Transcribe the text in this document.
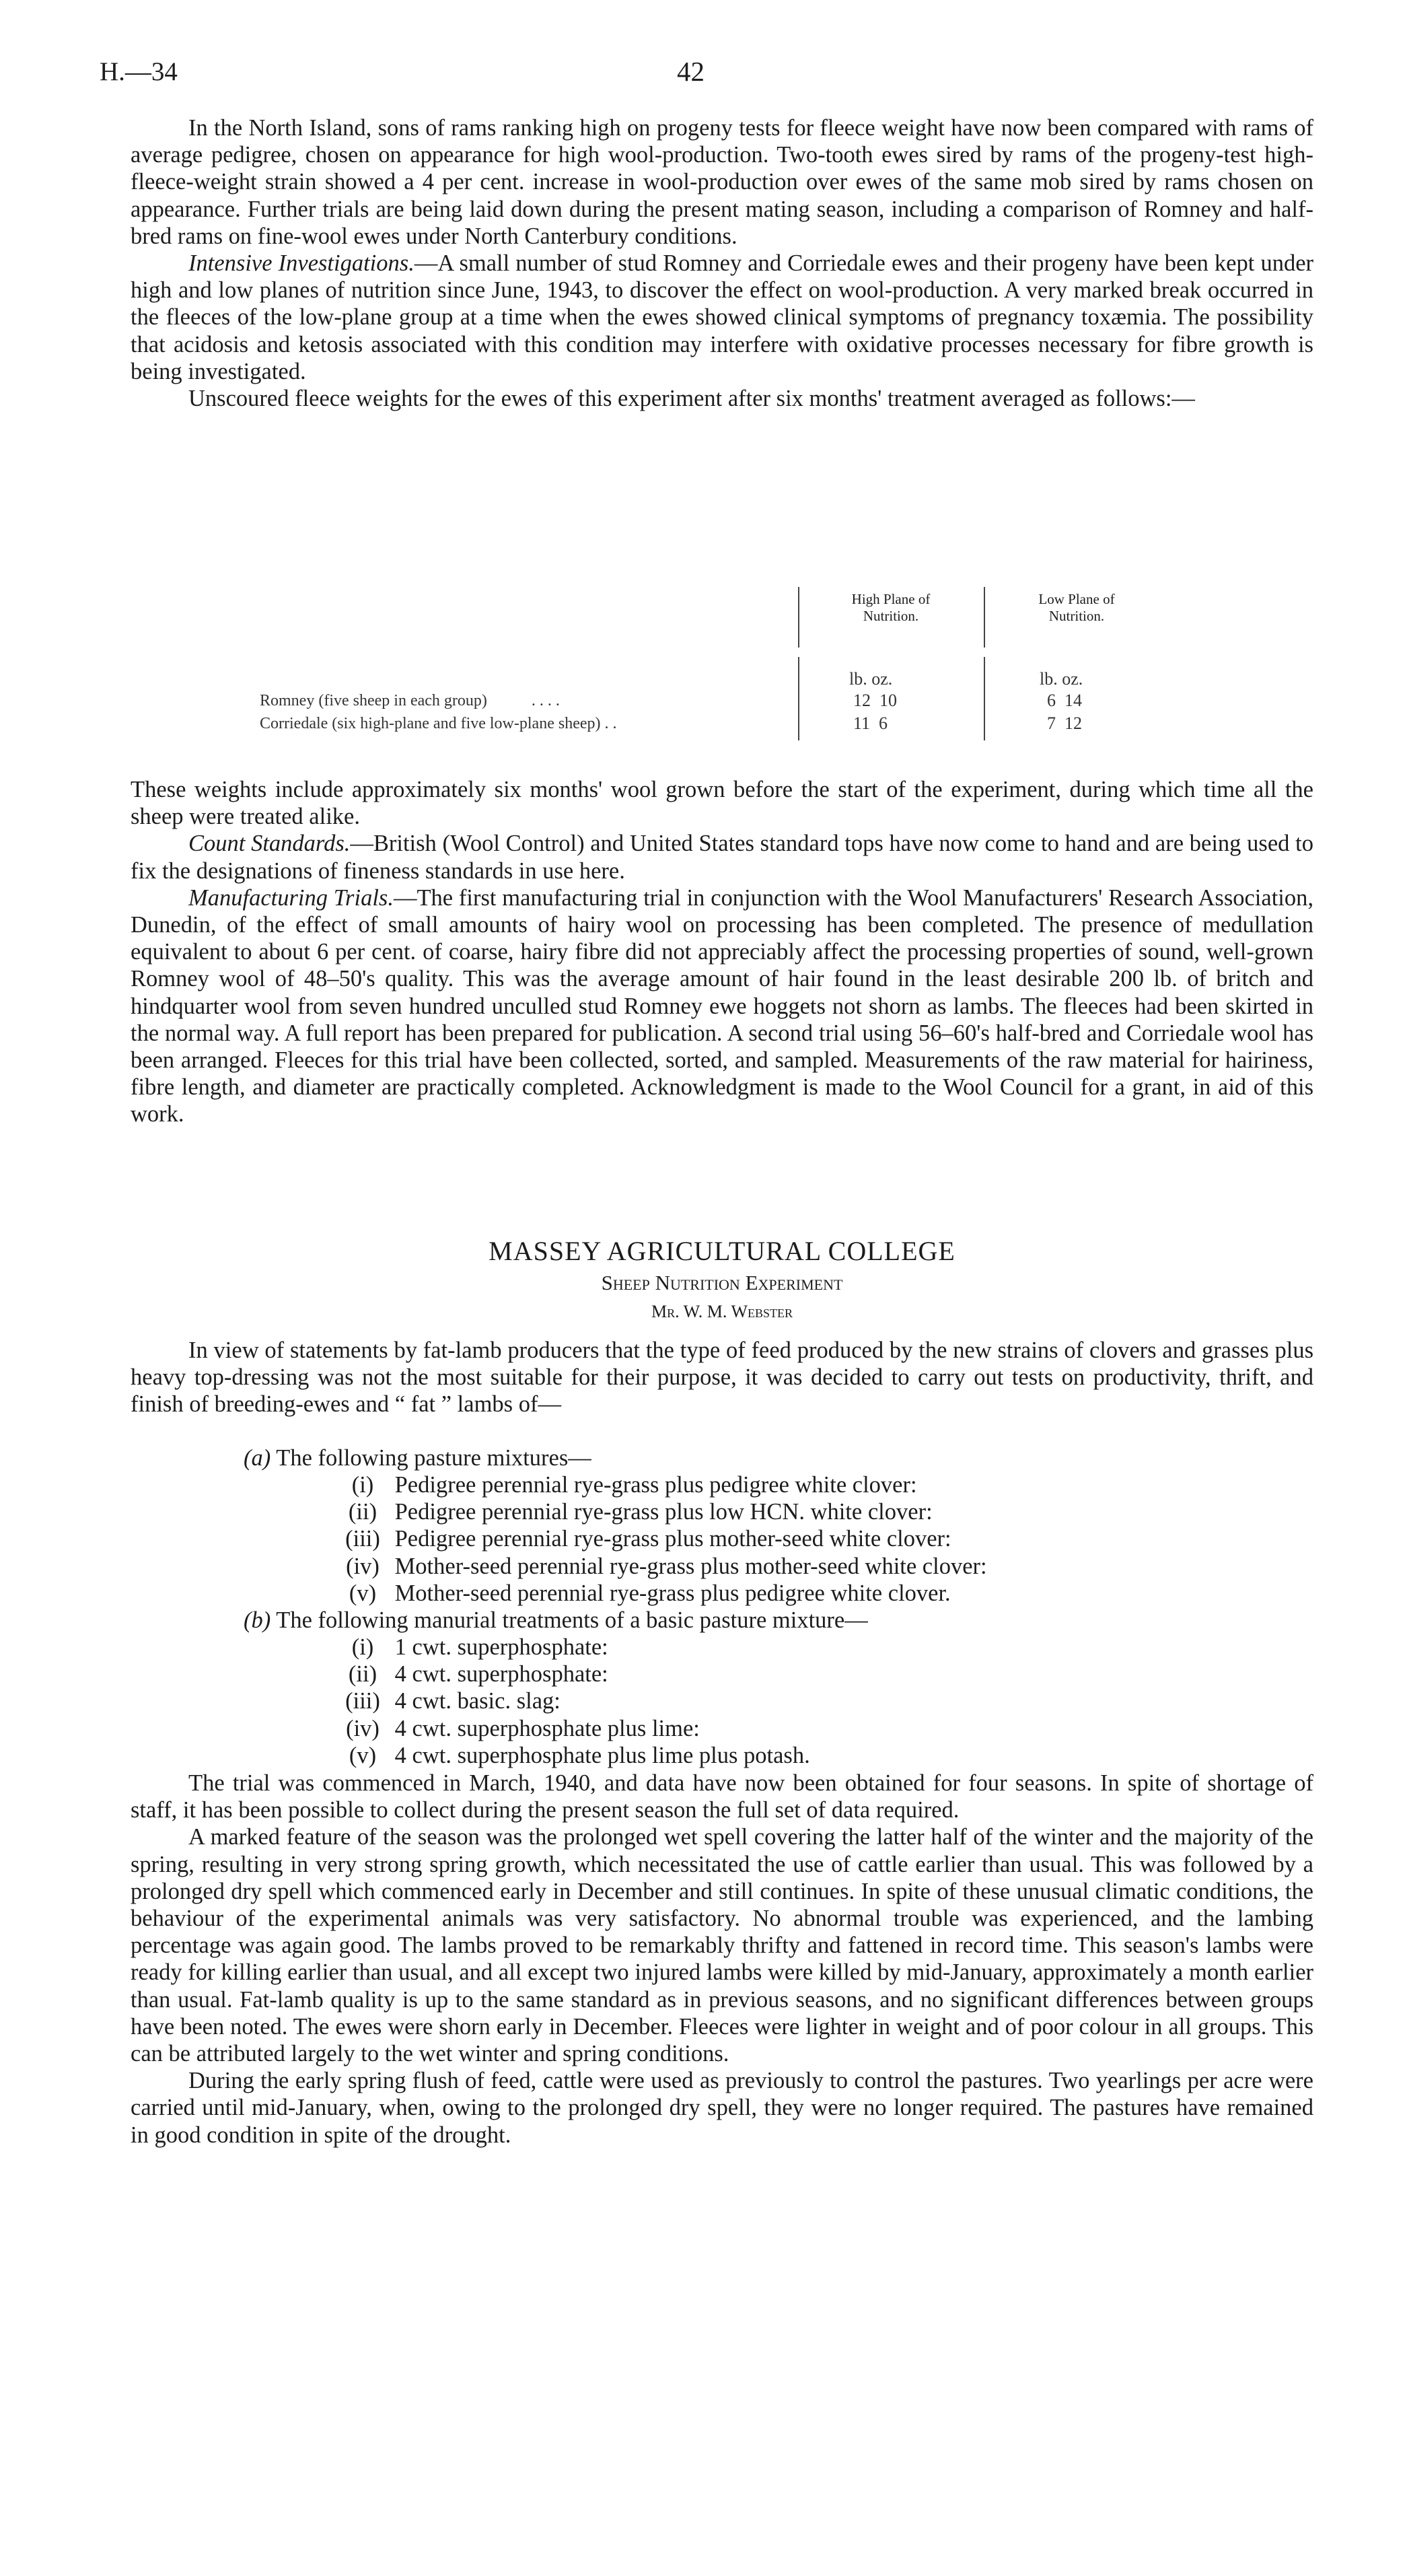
H.—34	42

In the North Island, sons of rams ranking high on progeny tests for fleece weight have now been compared with rams of average pedigree, chosen on appearance for high wool-production. Two-tooth ewes sired by rams of the progeny-test high-fleece-weight strain showed a 4 per cent. increase in wool-production over ewes of the same mob sired by rams chosen on appearance. Further trials are being laid down during the present mating season, including a comparison of Romney and half-bred rams on fine-wool ewes under North Canterbury conditions.

Intensive Investigations.—A small number of stud Romney and Corriedale ewes and their progeny have been kept under high and low planes of nutrition since June, 1943, to discover the effect on wool-production. A very marked break occurred in the fleeces of the low-plane group at a time when the ewes showed clinical symptoms of pregnancy toxæmia. The possibility that acidosis and ketosis associated with this condition may interfere with oxidative processes necessary for fibre growth is being investigated.

Unscoured fleece weights for the ewes of this experiment after six months' treatment averaged as follows:—

High Plane of
Nutrition.
Low Plane of
Nutrition.
lb. oz.	lb. oz.
Romney (five sheep in each group)	. . . .	12  10	6  14
Corriedale (six high-plane and five low-plane sheep) . .	11  6	7  12

These weights include approximately six months' wool grown before the start of the experiment, during which time all the sheep were treated alike.

Count Standards.—British (Wool Control) and United States standard tops have now come to hand and are being used to fix the designations of fineness standards in use here.

Manufacturing Trials.—The first manufacturing trial in conjunction with the Wool Manufacturers' Research Association, Dunedin, of the effect of small amounts of hairy wool on processing has been completed. The presence of medullation equivalent to about 6 per cent. of coarse, hairy fibre did not appreciably affect the processing properties of sound, well-grown Romney wool of 48–50's quality. This was the average amount of hair found in the least desirable 200 lb. of britch and hindquarter wool from seven hundred unculled stud Romney ewe hoggets not shorn as lambs. The fleeces had been skirted in the normal way. A full report has been prepared for publication. A second trial using 56–60's half-bred and Corriedale wool has been arranged. Fleeces for this trial have been collected, sorted, and sampled. Measurements of the raw material for hairiness, fibre length, and diameter are practically completed. Acknowledgment is made to the Wool Council for a grant, in aid of this work.

MASSEY AGRICULTURAL COLLEGE
Sheep Nutrition Experiment
Mr. W. M. Webster

In view of statements by fat-lamb producers that the type of feed produced by the new strains of clovers and grasses plus heavy top-dressing was not the most suitable for their purpose, it was decided to carry out tests on productivity, thrift, and finish of breeding-ewes and “ fat ” lambs of—

(a) The following pasture mixtures—
(i) Pedigree perennial rye-grass plus pedigree white clover:
(ii) Pedigree perennial rye-grass plus low HCN. white clover:
(iii) Pedigree perennial rye-grass plus mother-seed white clover:
(iv) Mother-seed perennial rye-grass plus mother-seed white clover:
(v) Mother-seed perennial rye-grass plus pedigree white clover.
(b) The following manurial treatments of a basic pasture mixture—
(i) 1 cwt. superphosphate:
(ii) 4 cwt. superphosphate:
(iii) 4 cwt. basic. slag:
(iv) 4 cwt. superphosphate plus lime:
(v) 4 cwt. superphosphate plus lime plus potash.

The trial was commenced in March, 1940, and data have now been obtained for four seasons. In spite of shortage of staff, it has been possible to collect during the present season the full set of data required.

A marked feature of the season was the prolonged wet spell covering the latter half of the winter and the majority of the spring, resulting in very strong spring growth, which necessitated the use of cattle earlier than usual. This was followed by a prolonged dry spell which commenced early in December and still continues. In spite of these unusual climatic conditions, the behaviour of the experimental animals was very satisfactory. No abnormal trouble was experienced, and the lambing percentage was again good. The lambs proved to be remarkably thrifty and fattened in record time. This season's lambs were ready for killing earlier than usual, and all except two injured lambs were killed by mid-January, approximately a month earlier than usual. Fat-lamb quality is up to the same standard as in previous seasons, and no significant differences between groups have been noted. The ewes were shorn early in December. Fleeces were lighter in weight and of poor colour in all groups. This can be attributed largely to the wet winter and spring conditions.

During the early spring flush of feed, cattle were used as previously to control the pastures. Two yearlings per acre were carried until mid-January, when, owing to the prolonged dry spell, they were no longer required. The pastures have remained in good condition in spite of the drought.
